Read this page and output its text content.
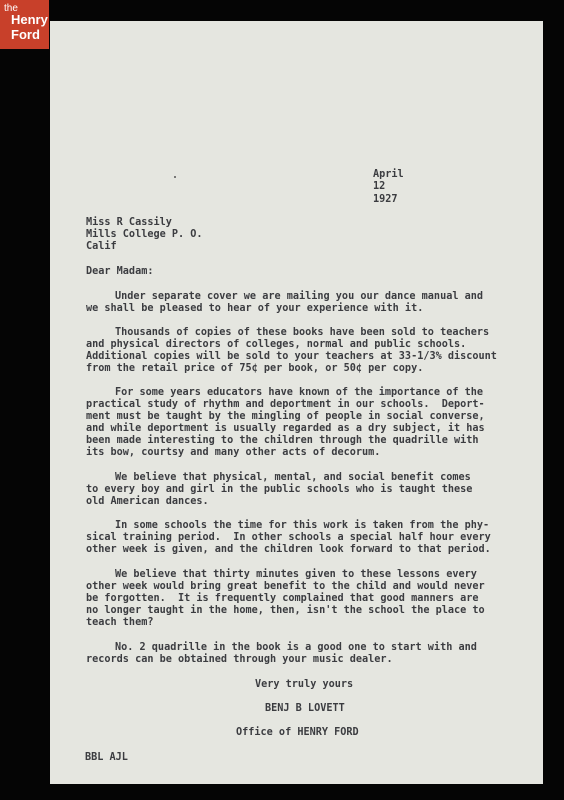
the
Henry
Ford
April
12
1927
Miss R Cassily
Mills College P. O.
Calif
Dear Madam:
Under separate cover we are mailing you our dance manual and
we shall be pleased to hear of your experience with it.
Thousands of copies of these books have been sold to teachers
and physical directors of colleges, normal and public schools.
Additional copies will be sold to your teachers at 33-1/3% discount
from the retail price of 75¢ per book, or 50¢ per copy.
For some years educators have known of the importance of the
practical study of rhythm and deportment in our schools.  Deport-
ment must be taught by the mingling of people in social converse,
and while deportment is usually regarded as a dry subject, it has
been made interesting to the children through the quadrille with
its bow, courtsy and many other acts of decorum.
We believe that physical, mental, and social benefit comes
to every boy and girl in the public schools who is taught these
old American dances.
In some schools the time for this work is taken from the phy-
sical training period.  In other schools a special half hour every
other week is given, and the children look forward to that period.
We believe that thirty minutes given to these lessons every
other week would bring great benefit to the child and would never
be forgotten.  It is frequently complained that good manners are
no longer taught in the home, then, isn't the school the place to
teach them?
No. 2 quadrille in the book is a good one to start with and
records can be obtained through your music dealer.
Very truly yours
BENJ B LOVETT
Office of HENRY FORD
BBL AJL
